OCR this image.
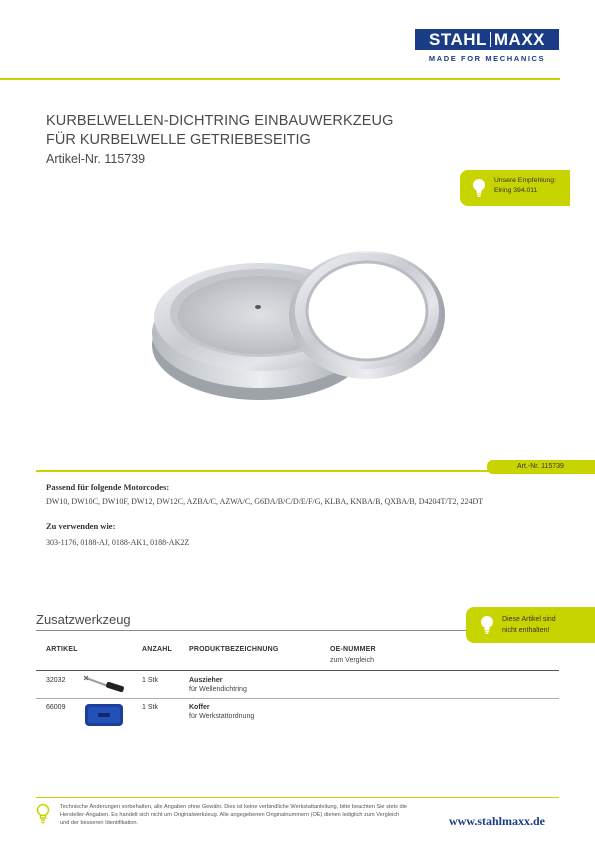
STAHL MAXX
MADE FOR MECHANICS
KURBELWELLEN-DICHTRING EINBAUWERKZEUG
FÜR KURBELWELLE GETRIEBESEITIG
Artikel-Nr. 115739
Unsere Empfehlung:
Elring 394.011
Art.-Nr. 115739
Passend für folgende Motorcodes:
DW10, DW10C, DW10F, DW12, DW12C, AZBA/C, AZWA/C, G6DA/B/C/D/E/F/G, KLBA, KNBA/B, QXBA/B, D4204T/T2, 224DT
Zu verwenden wie:
303-1176, 0188-AJ, 0188-AK1, 0188-AK2Z
Zusatzwerkzeug	Diese Artikel sind
nicht enthalten!
ARTIKEL	ANZAHL PRODUKTBEZEICHNUNG	OE-NUMMER
zum Vergleich
32032	1 Stk	Auszieher
für Wellendichtring
66009	1 Stk	Koffer
für Werkstattordnung
Technische Änderungen vorbehalten, alle Angaben ohne Gewähr. Dies ist keine verbindliche Werkstattanleitung, bitte beachten Sie stets die Hersteller-Angaben. Es handelt sich nicht um Originalwerkzeug. Alle angegebenen Originalnummern (OE) dienen lediglich zum Vergleich und der besseren Identifikation.	www.stahlmaxx.de
